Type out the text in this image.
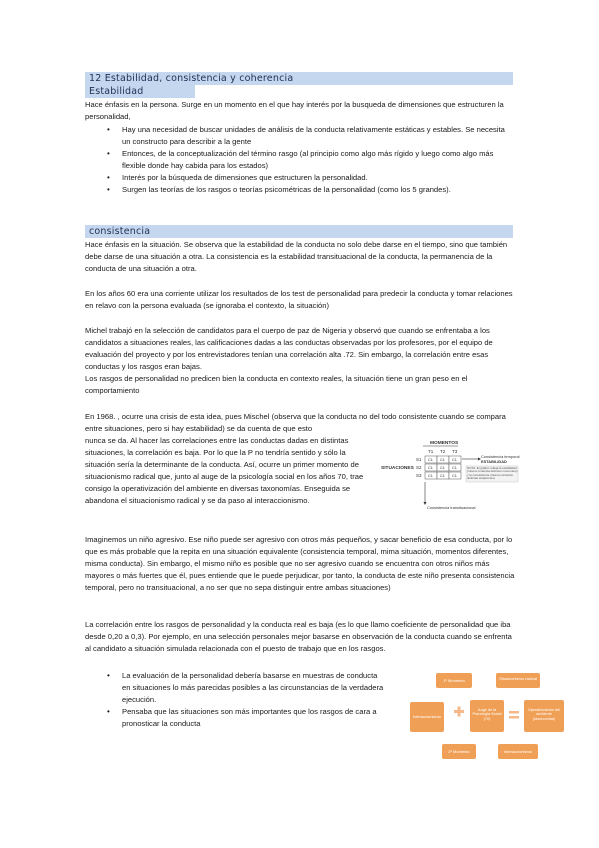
12 Estabilidad, consistencia y coherencia
Estabilidad

Hace énfasis en la persona. Surge en un momento en el que hay interés por la busqueda de dimensiones que estructuren la personalidad,

• Hay una necesidad de buscar unidades de análisis de la conducta relativamente estáticas y estables. Se necesita un constructo para describir a la gente
• Entonces, de la conceptualización del término rasgo (al principio como algo más rígido y luego como algo más flexible donde hay cabida para los estados)
• Interés por la búsqueda de dimensiones que estructuren la personalidad.
• Surgen las teorías de los rasgos o teorías psicométricas de la personalidad (como los 5 grandes).
consistencia

Hace énfasis en la situación. Se observa que la estabilidad de la conducta no solo debe darse en el tiempo, sino que también debe darse de una situación a otra. La consistencia es la estabilidad transituacional de la conducta, la permanencia de la conducta de una situación a otra.

En los años 60 era una corriente utilizar los resultados de los test de personalidad para predecir la conducta y tomar relaciones en relavo con la persona evaluada (se ignoraba el contexto, la situación)

Michel trabajó en la selección de candidatos para el cuerpo de paz de Nigeria y observó que cuando se enfrentaba a los candidatos a situaciones reales, las calificaciones dadas a las conductas observadas por los profesores, por el equipo de evaluación del proyecto y por los entrevistadores tenían una correlación alta .72. Sin embargo, la correlación entre esas conductas y los rasgos eran bajas.

Los rasgos de personalidad no predicen bien la conducta en contexto reales, la situación tiene un gran peso en el comportamiento

En 1968. , ocurre una crisis de esta idea, pues Mischel (observa que la conducta no del todo consistente cuando se compara entre situaciones, pero si hay estabilidad) se da cuenta de que esto

nunca se da. Al hacer las correlaciones entre las conductas dadas en distintas situaciones, la correlación es baja. Por lo que la P no tendría sentido y sólo la situación sería la determinante de la conducta. Así, ocurre un primer momento de situacionismo radical que, junto al auge de la psicología social en los años 70, trae consigo la operativización del ambiente en diversas taxonomías. Enseguida se abandona el situacionismo radical y se da paso al interaccionismo.

MOMENTOS
SITUACIONES
T1 T2 T3
S1
S2
S3
C1 C1 C1
C1 C1 C1
C1 C1 C1
Consistencia temporal
ESTABILIDAD
NOTA: El gráfico refleja la estabilidad (misma conducta distintos momentos) y la consistencia (misma conducta distintas situaciones)
Consistencia transituacional

Imaginemos un niño agresivo. Ese niño puede ser agresivo con otros más pequeños, y sacar beneficio de esa conducta, por lo que es más probable que la repita en una situación equivalente (consistencia temporal, mima situación, momentos diferentes, misma conducta). Sin embargo, el mismo niño es posible que no ser agresivo cuando se encuentra con otros niños más mayores o más fuertes que él, pues entiende que le puede perjudicar, por tanto, la conducta de este niño presenta consistencia temporal, pero no transituacional, a no ser que no sepa distinguir entre ambas situaciones)

La correlación entre los rasgos de personalidad y la conducta real es baja (es lo que llamo coeficiente de personalidad que iba desde 0,20 a 0,3). Por ejemplo, en una selección personales mejor basarse en observación de la conducta cuando se enfrenta al candidato a situación simulada relacionada con el puesto de trabajo que en los rasgos.

• La evaluación de la personalidad debería basarse en muestras de conducta en situaciones lo más parecidas posibles a las circunstancias de la verdadera ejecución.
• Pensaba que las situaciones son más importantes que los rasgos de cara a pronosticar la conducta
1º Momento	Situacionismo radical
Interaccionismo
Auge de la Psicología Social (70)
Operativización del ambiente (taxonomías)
2º Momento	Interaccionismo
